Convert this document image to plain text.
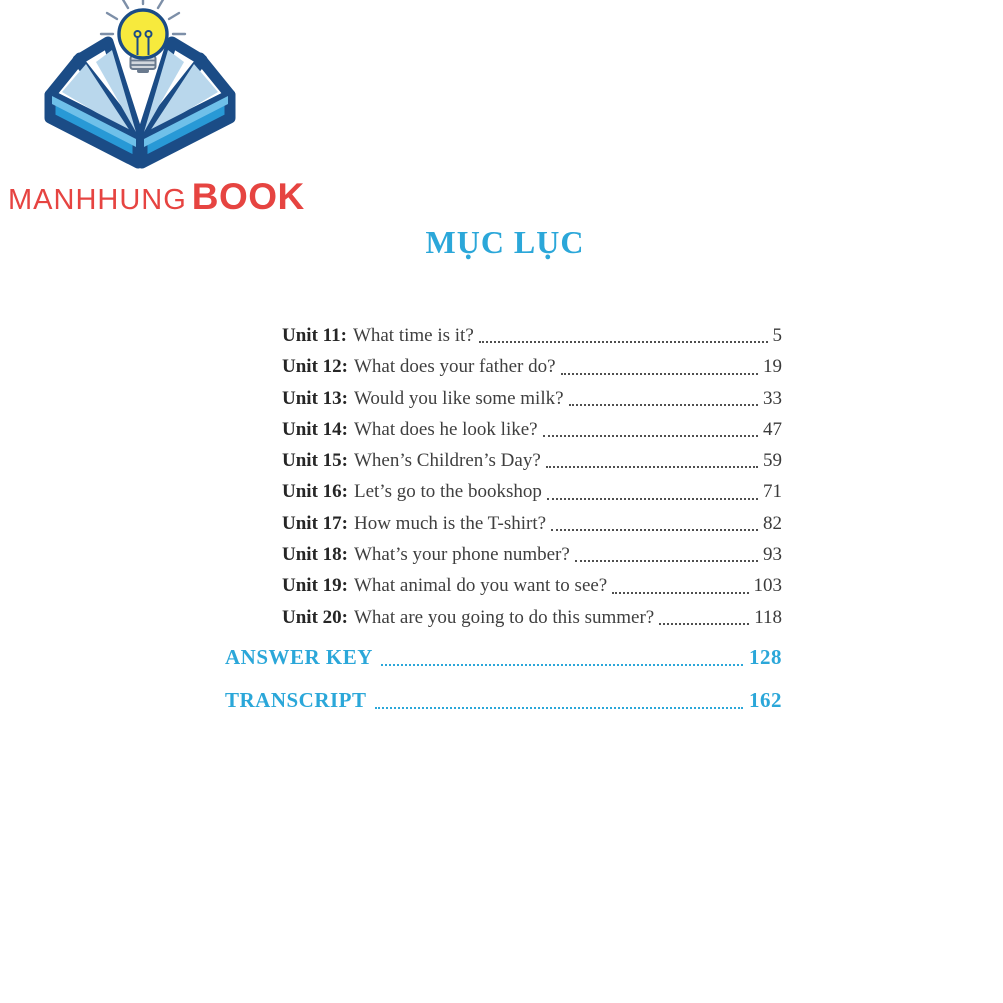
MANHHUNG BOOK
MỤC LỤC
Unit 11: What time is it?	5
Unit 12: What does your father do?	19
Unit 13: Would you like some milk?	33
Unit 14: What does he look like?	47
Unit 15: When’s Children’s Day?	59
Unit 16: Let’s go to the bookshop	71
Unit 17: How much is the T-shirt?	82
Unit 18: What’s your phone number?	93
Unit 19: What animal do you want to see?	103
Unit 20: What are you going to do this summer?	118
ANSWER KEY	128
TRANSCRIPT	162
